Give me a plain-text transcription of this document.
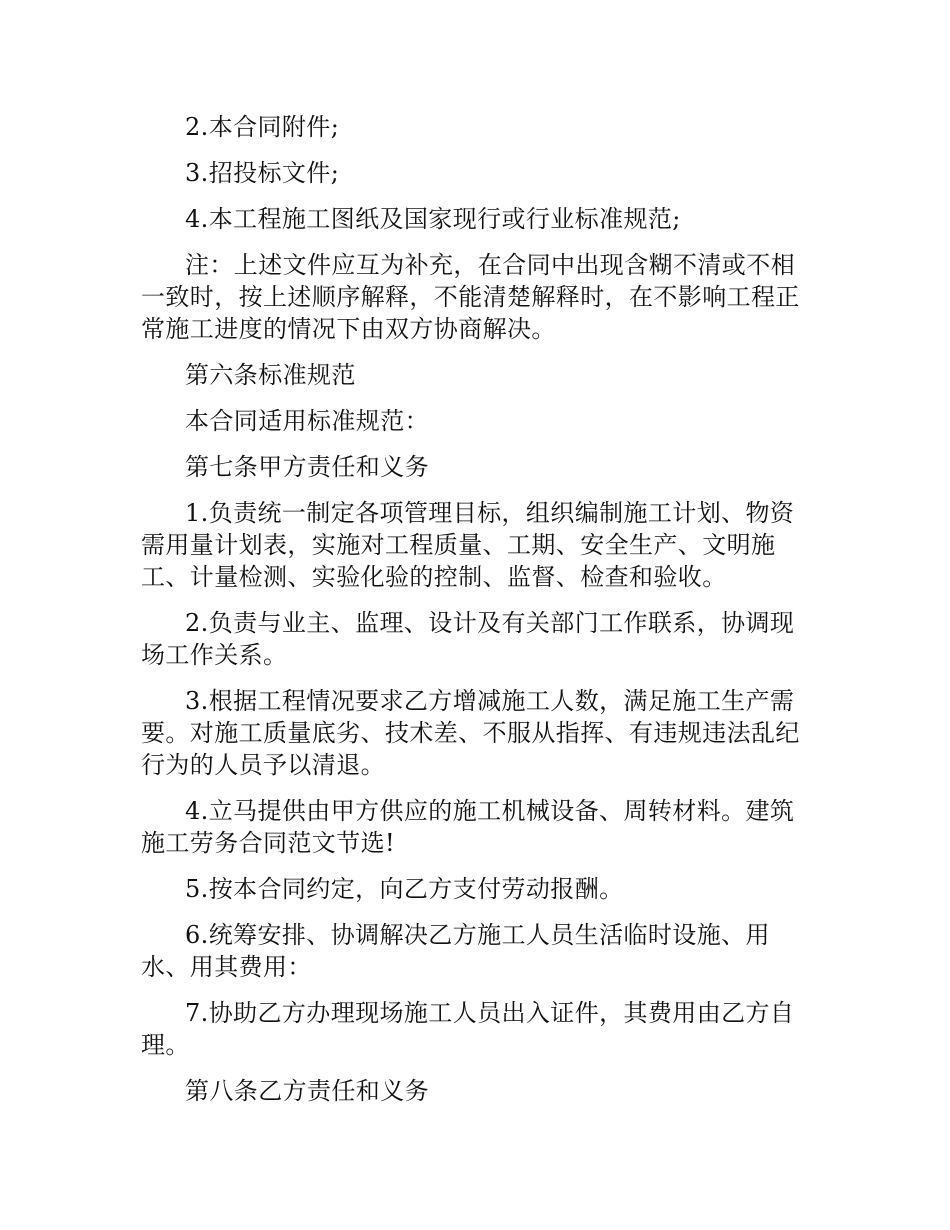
2.本合同附件;

3.招投标文件;

4.本工程施工图纸及国家现行或行业标准规范;

注：上述文件应互为补充，在合同中出现含糊不清或不相一致时，按上述顺序解释，不能清楚解释时，在不影响工程正常施工进度的情况下由双方协商解决。

第六条标准规范

本合同适用标准规范：

第七条甲方责任和义务

1.负责统一制定各项管理目标，组织编制施工计划、物资需用量计划表，实施对工程质量、工期、安全生产、文明施工、计量检测、实验化验的控制、监督、检查和验收。

2.负责与业主、监理、设计及有关部门工作联系，协调现场工作关系。

3.根据工程情况要求乙方增减施工人数，满足施工生产需要。对施工质量底劣、技术差、不服从指挥、有违规违法乱纪行为的人员予以清退。

4.立马提供由甲方供应的施工机械设备、周转材料。建筑施工劳务合同范文节选!

5.按本合同约定，向乙方支付劳动报酬。

6.统筹安排、协调解决乙方施工人员生活临时设施、用水、用其费用：

7.协助乙方办理现场施工人员出入证件，其费用由乙方自理。

第八条乙方责任和义务
